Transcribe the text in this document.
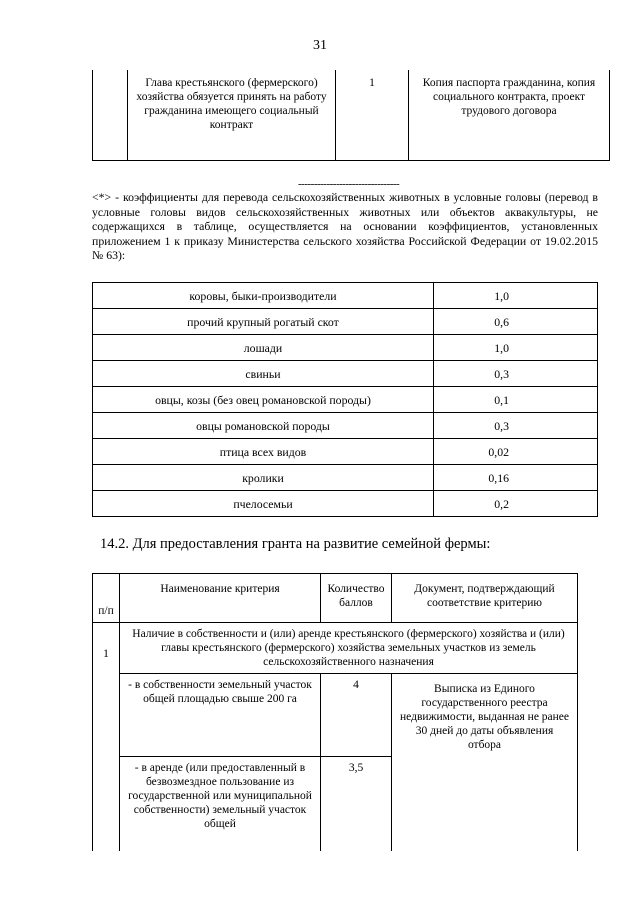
31
	Глава крестьянского (фермерского) хозяйства обязуется принять на работу гражданина имеющего социальный контракт	1	Копия паспорта гражданина, копия социального контракта, проект трудового договора
--------------------------------
<*> - коэффициенты для перевода сельскохозяйственных животных в условные головы (перевод в условные головы видов сельскохозяйственных животных или объектов аквакультуры, не содержащихся в таблице, осуществляется на основании коэффициентов, установленных приложением 1 к приказу Министерства сельского хозяйства Российской Федерации от 19.02.2015 № 63):
коровы, быки-производители	1,0
прочий крупный рогатый скот	0,6
лошади	1,0
свиньи	0,3
овцы, козы (без овец романовской породы)	0,1
овцы романовской породы	0,3
птица всех видов	0,02
кролики	0,16
пчелосемьи	0,2
14.2. Для предоставления гранта на развитие семейной фермы:
п/п	Наименование критерия	Количество баллов	Документ, подтверждающий соответствие критерию
1	Наличие в собственности и (или) аренде крестьянского (фермерского) хозяйства и (или) главы крестьянского (фермерского) хозяйства земельных участков из земель сельскохозяйственного назначения		
	- в собственности земельный участок общей площадью свыше 200 га	4	Выписка из Единого государственного реестра недвижимости, выданная не ранее 30 дней до даты объявления отбора
	- в аренде (или предоставленный в безвозмездное пользование из государственной или муниципальной собственности) земельный участок общей	3,5	
